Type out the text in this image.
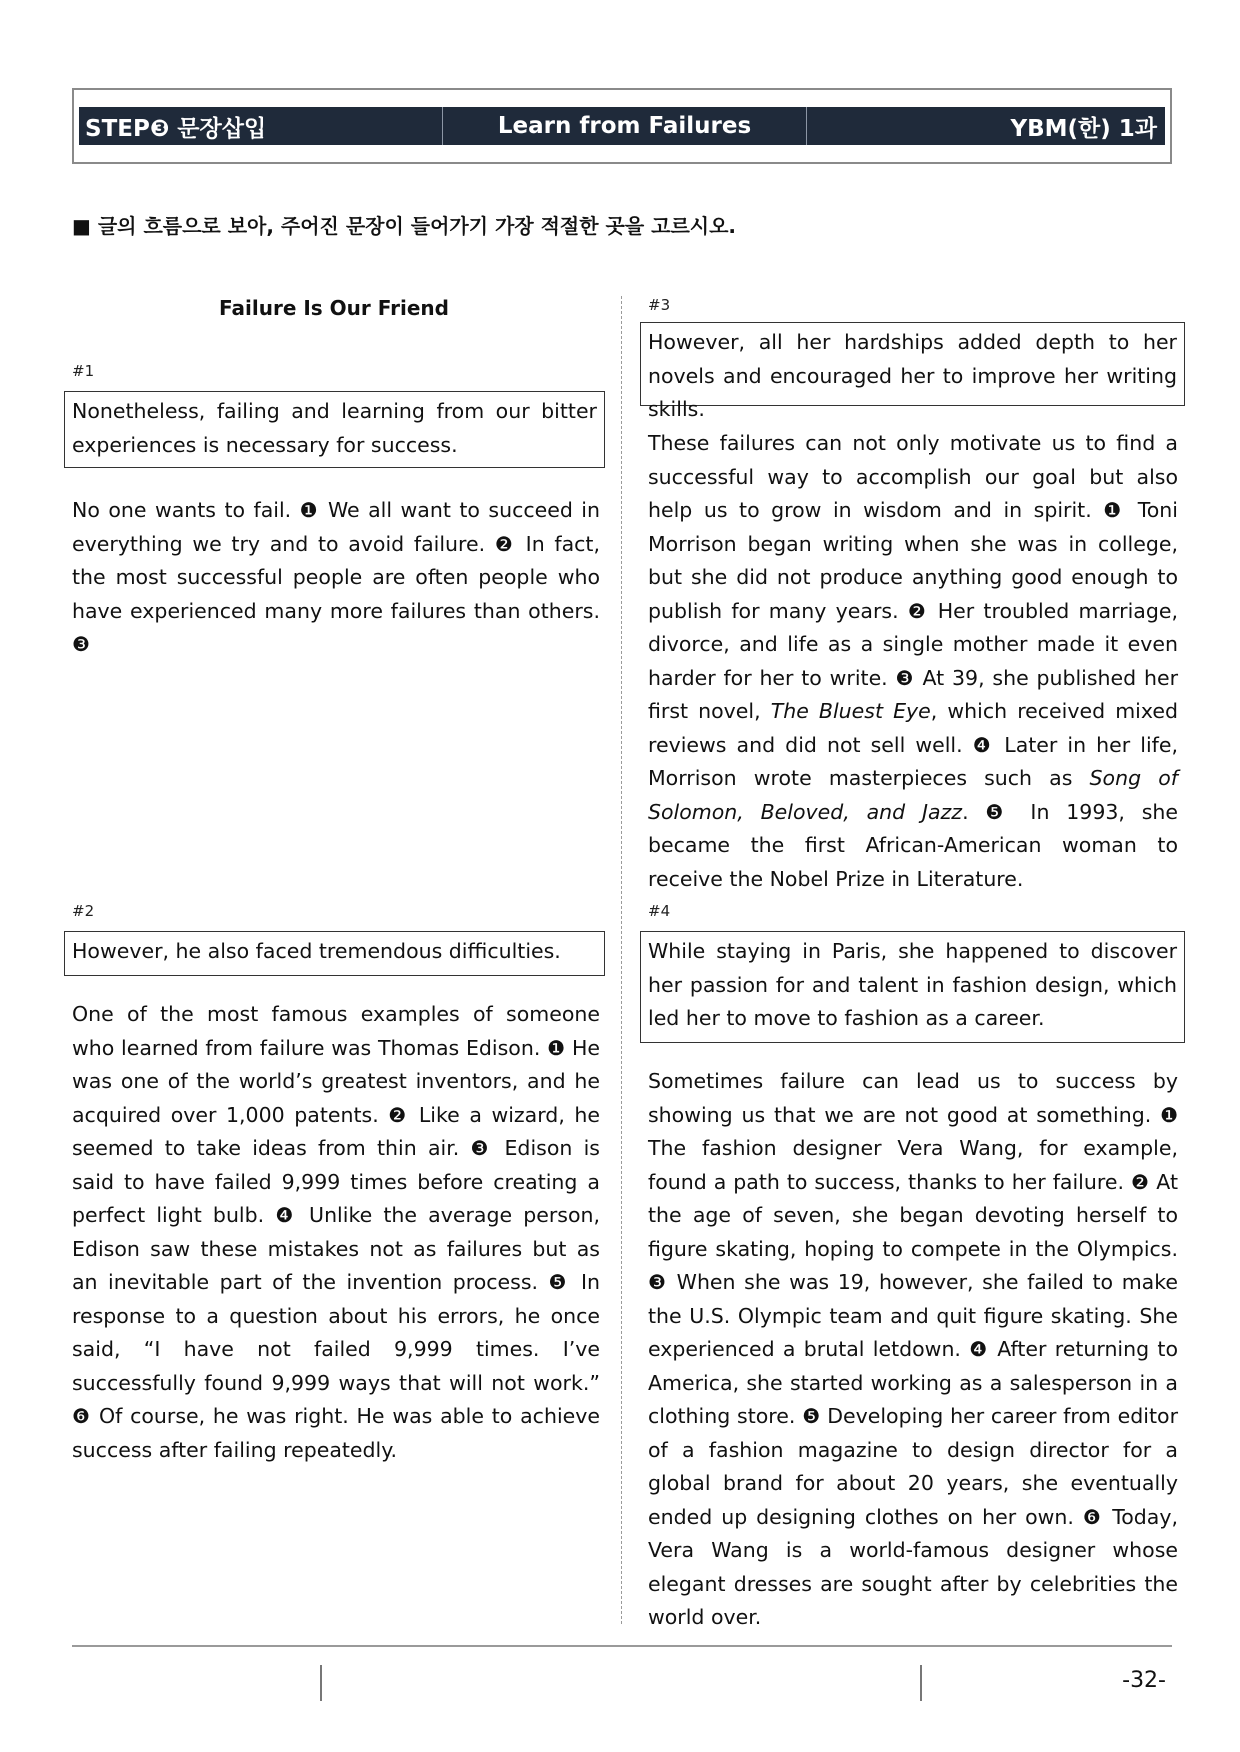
STEP❸ 문장삽입	Learn from Failures	YBM(한) 1과
■ 글의 흐름으로 보아, 주어진 문장이 들어가기 가장 적절한 곳을 고르시오.
Failure Is Our Friend
#1
Nonetheless, failing and learning from our bitter experiences is necessary for success.
No one wants to fail. ❶ We all want to succeed in everything we try and to avoid failure. ❷ In fact, the most successful people are often people who have experienced many more failures than others. ❸
#2
However, he also faced tremendous difficulties.
One of the most famous examples of someone who learned from failure was Thomas Edison. ❶ He was one of the world’s greatest inventors, and he acquired over 1,000 patents. ❷ Like a wizard, he seemed to take ideas from thin air. ❸ Edison is said to have failed 9,999 times before creating a perfect light bulb. ❹ Unlike the average person, Edison saw these mistakes not as failures but as an inevitable part of the invention process. ❺ In response to a question about his errors, he once said, “I have not failed 9,999 times. I’ve successfully found 9,999 ways that will not work.” ❻ Of course, he was right. He was able to achieve success after failing repeatedly.
#3
However, all her hardships added depth to her novels and encouraged her to improve her writing skills.
These failures can not only motivate us to find a successful way to accomplish our goal but also help us to grow in wisdom and in spirit. ❶ Toni Morrison began writing when she was in college, but she did not produce anything good enough to publish for many years. ❷ Her troubled marriage, divorce, and life as a single mother made it even harder for her to write. ❸ At 39, she published her first novel, The Bluest Eye, which received mixed reviews and did not sell well. ❹ Later in her life, Morrison wrote masterpieces such as Song of Solomon, Beloved, and Jazz. ❺ In 1993, she became the first African-American woman to receive the Nobel Prize in Literature.
#4
While staying in Paris, she happened to discover her passion for and talent in fashion design, which led her to move to fashion as a career.
Sometimes failure can lead us to success by showing us that we are not good at something. ❶ The fashion designer Vera Wang, for example, found a path to success, thanks to her failure. ❷ At the age of seven, she began devoting herself to figure skating, hoping to compete in the Olympics. ❸ When she was 19, however, she failed to make the U.S. Olympic team and quit figure skating. She experienced a brutal letdown. ❹ After returning to America, she started working as a salesperson in a clothing store. ❺ Developing her career from editor of a fashion magazine to design director for a global brand for about 20 years, she eventually ended up designing clothes on her own. ❻ Today, Vera Wang is a world-famous designer whose elegant dresses are sought after by celebrities the world over.
-32-
